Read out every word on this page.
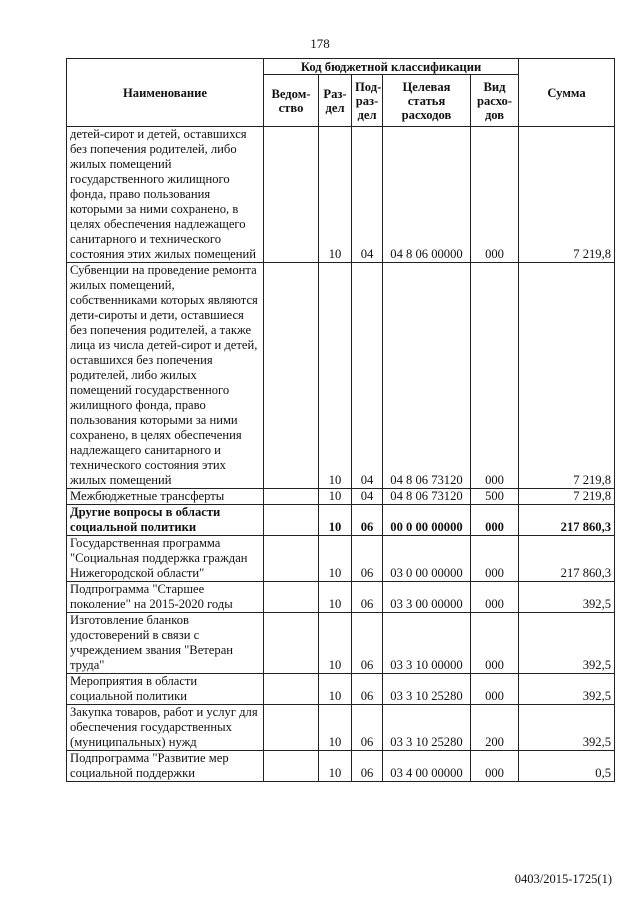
178
Наименование	Код бюджетной классификации					Сумма
	Ведом-ство	Раз-дел	Под-раз-дел	Целевая статья расходов	Вид расхо-дов	
детей-сирот и детей, оставшихся без попечения родителей, либо жилых помещений государственного жилищного фонда, право пользования которыми за ними сохранено, в целях обеспечения надлежащего санитарного и технического состояния этих жилых помещений		10	04	04 8 06 00000	000	7 219,8
Субвенции на проведение ремонта жилых помещений, собственниками которых являются дети-сироты и дети, оставшиеся без попечения родителей, а также лица из числа детей-сирот и детей, оставшихся без попечения родителей, либо жилых помещений государственного жилищного фонда, право пользования которыми за ними сохранено, в целях обеспечения надлежащего санитарного и технического состояния этих жилых помещений		10	04	04 8 06 73120	000	7 219,8
Межбюджетные трансферты		10	04	04 8 06 73120	500	7 219,8
Другие вопросы в области социальной политики		10	06	00 0 00 00000	000	217 860,3
Государственная программа "Социальная поддержка граждан Нижегородской области"		10	06	03 0 00 00000	000	217 860,3
Подпрограмма "Старшее поколение" на 2015-2020 годы		10	06	03 3 00 00000	000	392,5
Изготовление бланков удостоверений в связи с учреждением звания "Ветеран труда"		10	06	03 3 10 00000	000	392,5
Мероприятия в области социальной политики		10	06	03 3 10 25280	000	392,5
Закупка товаров, работ и услуг для обеспечения государственных (муниципальных) нужд		10	06	03 3 10 25280	200	392,5
Подпрограмма "Развитие мер социальной поддержки		10	06	03 4 00 00000	000	0,5
0403/2015-1725(1)
